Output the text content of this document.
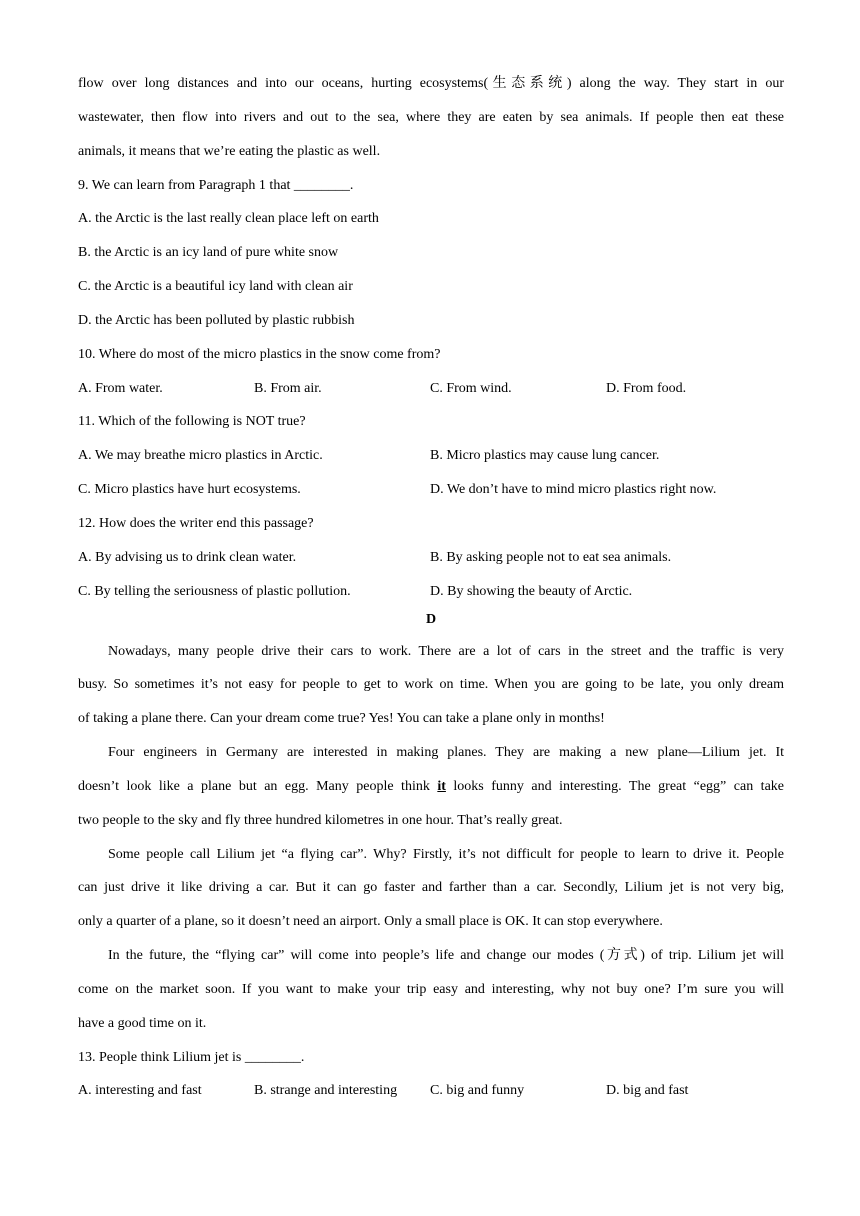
flow over long distances and into our oceans, hurting ecosystems(生态系统) along the way. They start in our
wastewater, then flow into rivers and out to the sea, where they are eaten by sea animals. If people then eat these
animals, it means that we’re eating the plastic as well.
9. We can learn from Paragraph 1 that ________.
A. the Arctic is the last really clean place left on earth
B. the Arctic is an icy land of pure white snow
C. the Arctic is a beautiful icy land with clean air
D. the Arctic has been polluted by plastic rubbish
10. Where do most of the micro plastics in the snow come from?
A. From water.	B. From air.	C. From wind.	D. From food.
11. Which of the following is NOT true?
A. We may breathe micro plastics in Arctic.	B. Micro plastics may cause lung cancer.
C. Micro plastics have hurt ecosystems.	D. We don’t have to mind micro plastics right now.
12. How does the writer end this passage?
A. By advising us to drink clean water.	B. By asking people not to eat sea animals.
C. By telling the seriousness of plastic pollution.	D. By showing the beauty of Arctic.
D
Nowadays, many people drive their cars to work. There are a lot of cars in the street and the traffic is very
busy. So sometimes it’s not easy for people to get to work on time. When you are going to be late, you only dream
of taking a plane there. Can your dream come true? Yes! You can take a plane only in months!
Four engineers in Germany are interested in making planes. They are making a new plane—Lilium jet. It
doesn’t look like a plane but an egg. Many people think it looks funny and interesting. The great “egg” can take
two people to the sky and fly three hundred kilometres in one hour. That’s really great.
Some people call Lilium jet “a flying car”. Why? Firstly, it’s not difficult for people to learn to drive it. People
can just drive it like driving a car. But it can go faster and farther than a car. Secondly, Lilium jet is not very big,
only a quarter of a plane, so it doesn’t need an airport. Only a small place is OK. It can stop everywhere.
In the future, the “flying car” will come into people’s life and change our modes (方式) of trip. Lilium jet will
come on the market soon. If you want to make your trip easy and interesting, why not buy one? I’m sure you will
have a good time on it.
13. People think Lilium jet is ________.
A. interesting and fast	B. strange and interesting	C. big and funny	D. big and fast
